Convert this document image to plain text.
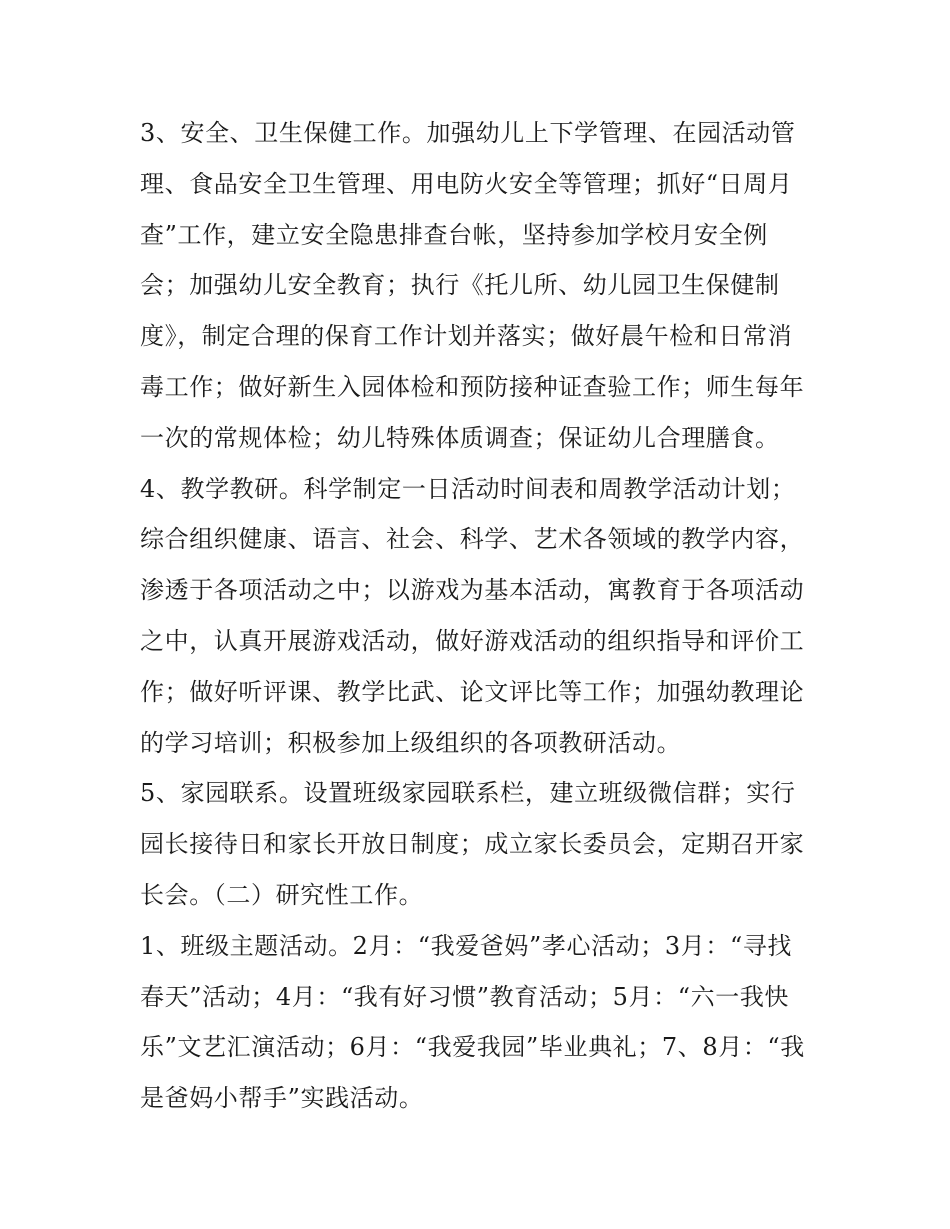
3、安全、卫生保健工作。加强幼儿上下学管理、在园活动管
理、食品安全卫生管理、用电防火安全等管理；抓好“日周月
查”工作，建立安全隐患排查台帐，坚持参加学校月安全例
会；加强幼儿安全教育；执行《托儿所、幼儿园卫生保健制
度》，制定合理的保育工作计划并落实；做好晨午检和日常消
毒工作；做好新生入园体检和预防接种证查验工作；师生每年
一次的常规体检；幼儿特殊体质调查；保证幼儿合理膳食。
4、教学教研。科学制定一日活动时间表和周教学活动计划；
综合组织健康、语言、社会、科学、艺术各领域的教学内容，
渗透于各项活动之中；以游戏为基本活动，寓教育于各项活动
之中，认真开展游戏活动，做好游戏活动的组织指导和评价工
作；做好听评课、教学比武、论文评比等工作；加强幼教理论
的学习培训；积极参加上级组织的各项教研活动。
5、家园联系。设置班级家园联系栏，建立班级微信群；实行
园长接待日和家长开放日制度；成立家长委员会，定期召开家
长会。（二）研究性工作。
1、班级主题活动。2月：“我爱爸妈”孝心活动；3月：“寻找
春天”活动；4月：“我有好习惯”教育活动；5月：“六一我快
乐”文艺汇演活动；6月：“我爱我园”毕业典礼；7、8月：“我
是爸妈小帮手”实践活动。
